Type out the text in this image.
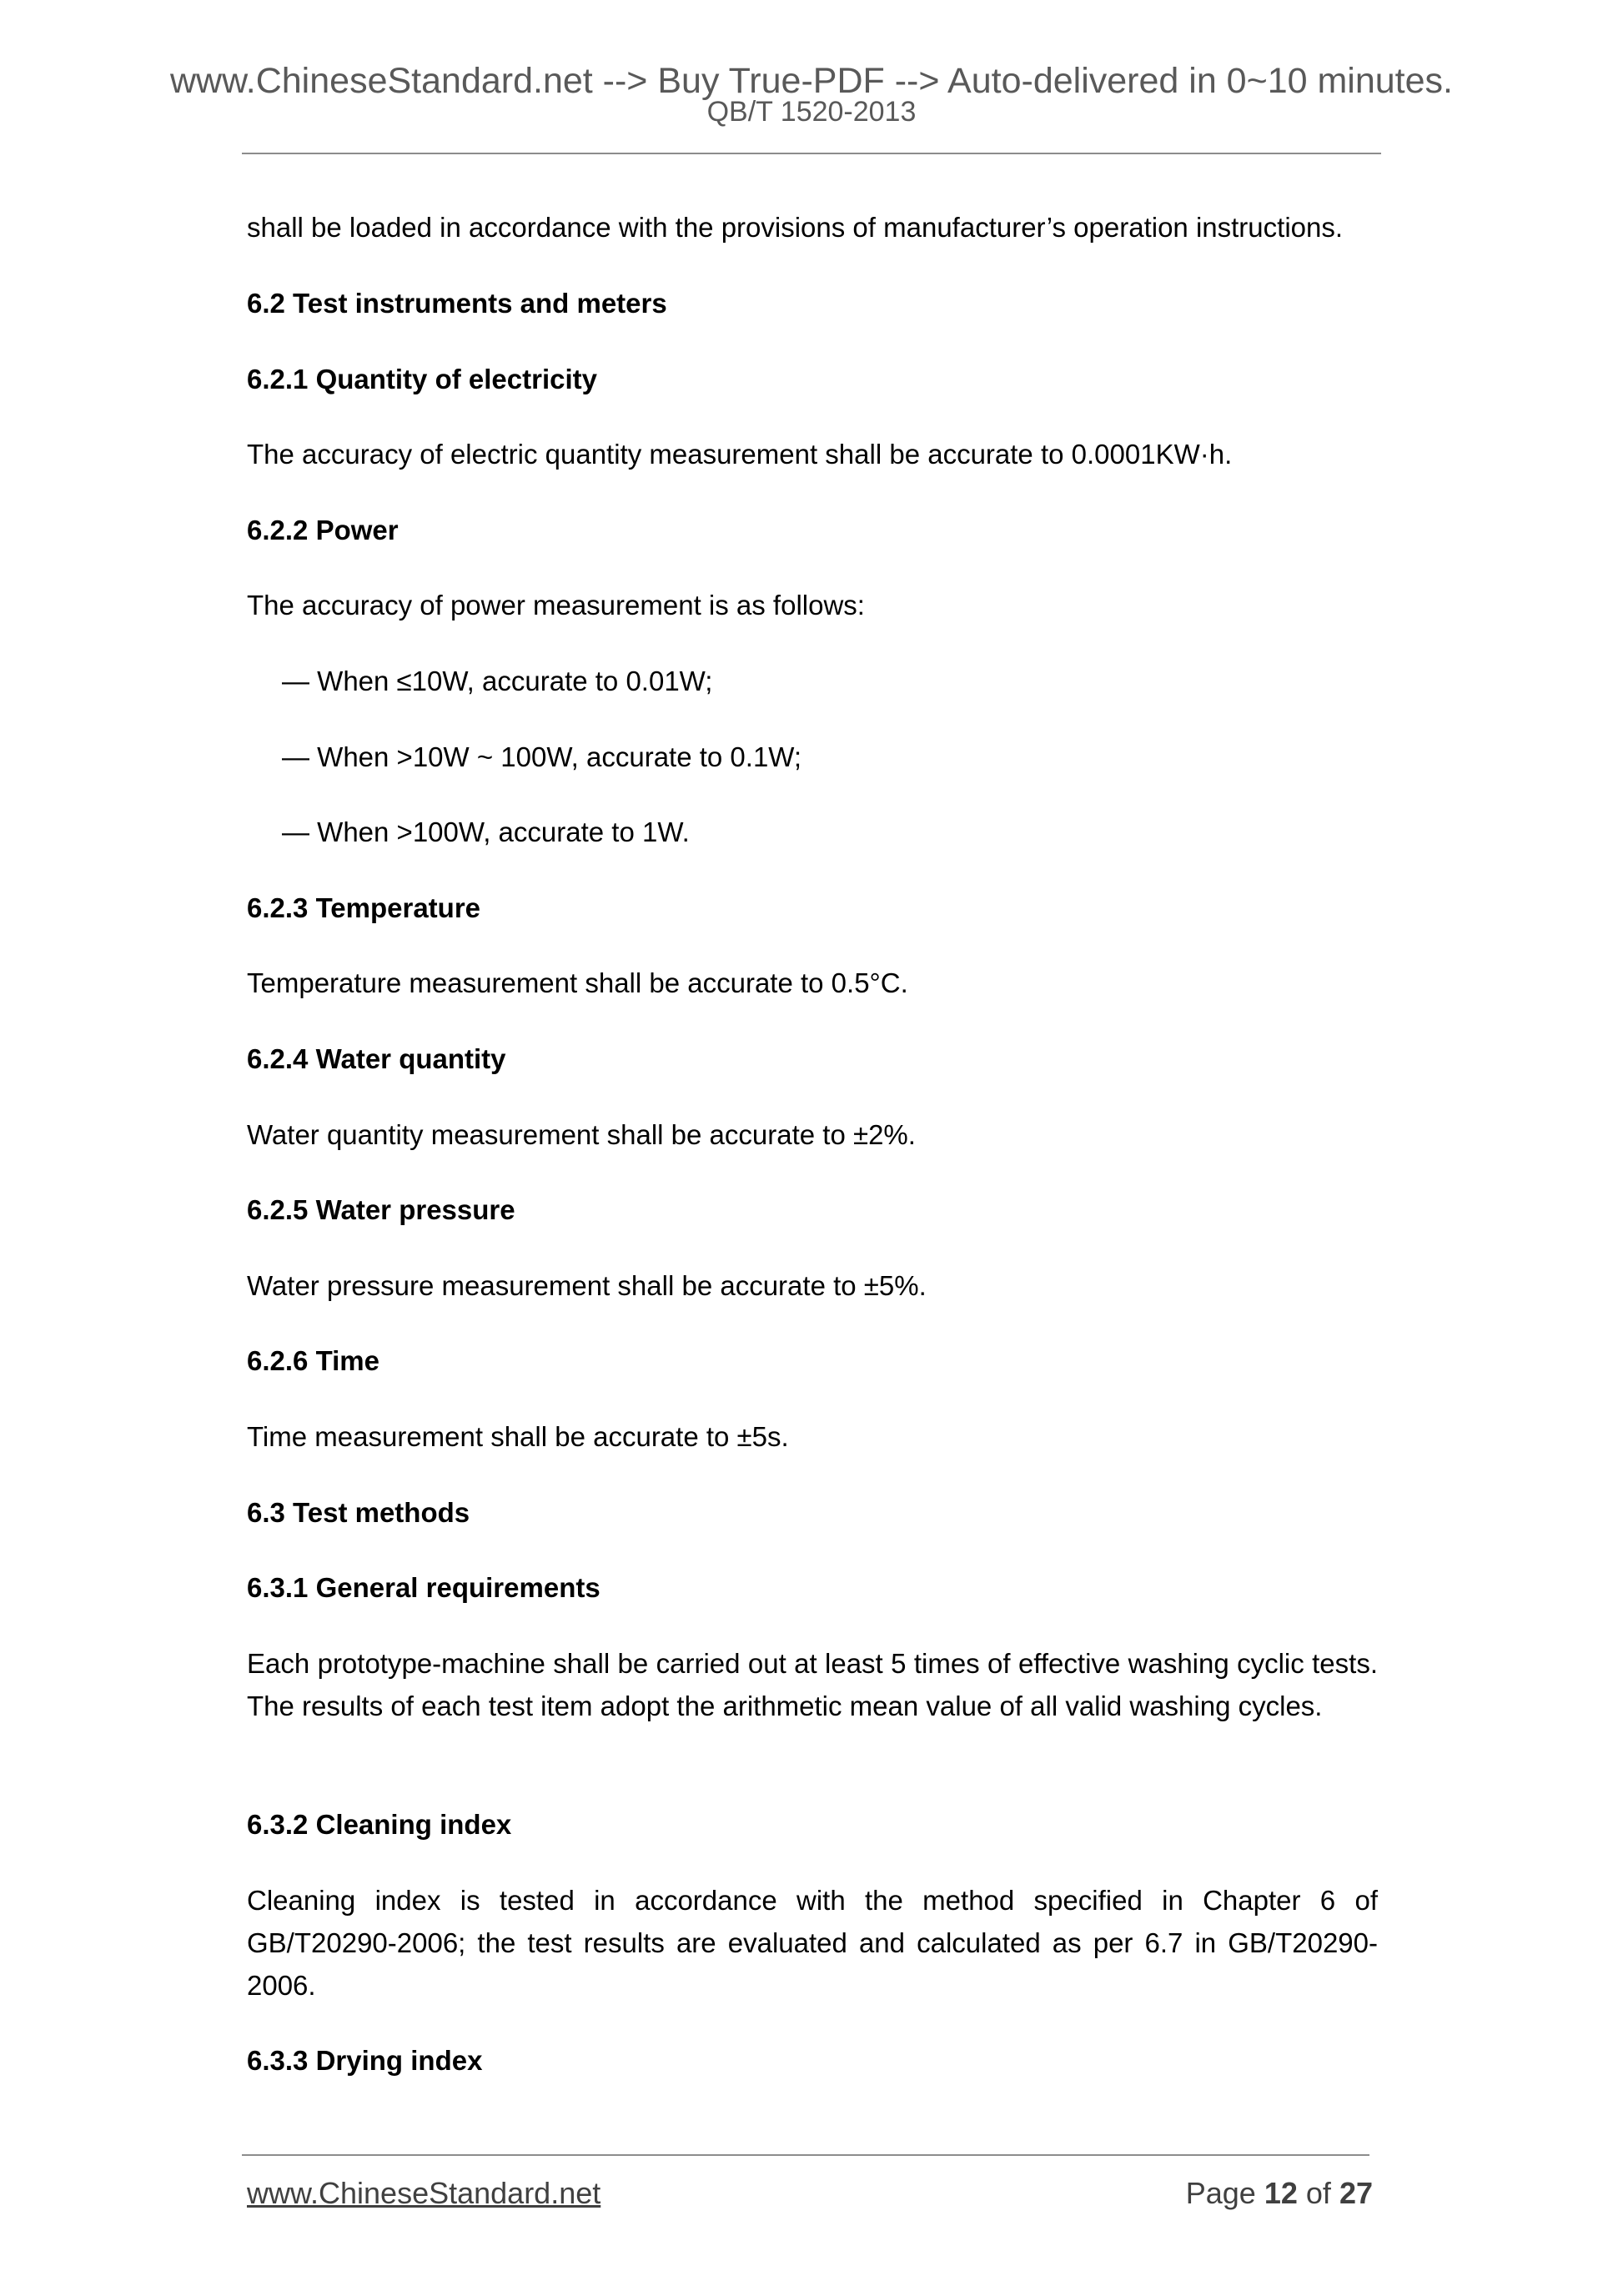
www.ChineseStandard.net --> Buy True-PDF --> Auto-delivered in 0~10 minutes.
QB/T 1520-2013

shall be loaded in accordance with the provisions of manufacturer’s operation instructions.

6.2 Test instruments and meters

6.2.1 Quantity of electricity

The accuracy of electric quantity measurement shall be accurate to 0.0001KW·h.

6.2.2 Power

The accuracy of power measurement is as follows:

— When ≤10W, accurate to 0.01W;

— When >10W ~ 100W, accurate to 0.1W;

— When >100W, accurate to 1W.

6.2.3 Temperature

Temperature measurement shall be accurate to 0.5°C.

6.2.4 Water quantity

Water quantity measurement shall be accurate to ±2%.

6.2.5 Water pressure

Water pressure measurement shall be accurate to ±5%.

6.2.6 Time

Time measurement shall be accurate to ±5s.

6.3 Test methods

6.3.1 General requirements

Each prototype-machine shall be carried out at least 5 times of effective washing cyclic tests. The results of each test item adopt the arithmetic mean value of all valid washing cycles.

6.3.2 Cleaning index

Cleaning index is tested in accordance with the method specified in Chapter 6 of GB/T20290-2006; the test results are evaluated and calculated as per 6.7 in GB/T20290-2006.

6.3.3 Drying index

www.ChineseStandard.net	Page 12 of 27
